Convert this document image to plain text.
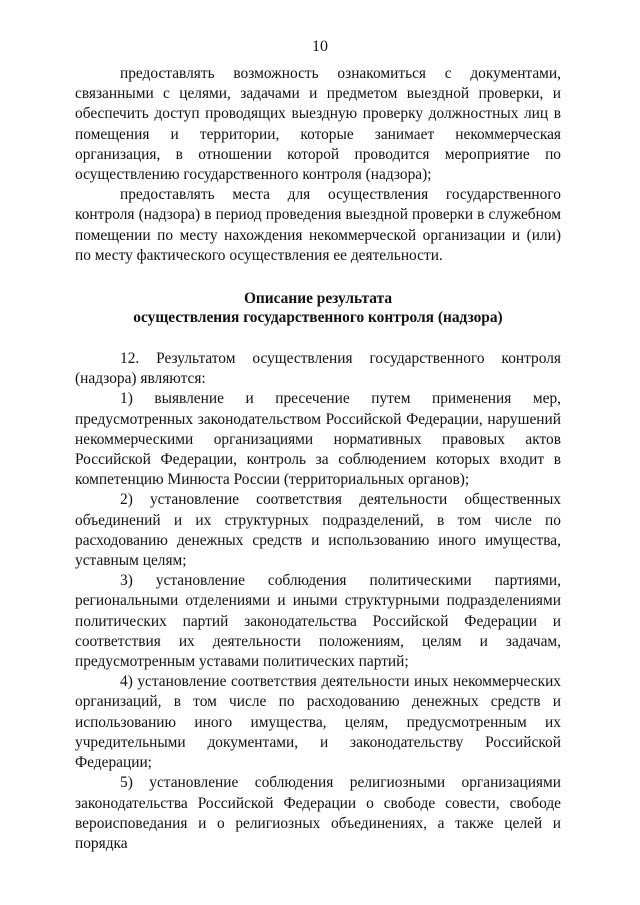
10

предоставлять возможность ознакомиться с документами, связанными с целями, задачами и предметом выездной проверки, и обеспечить доступ проводящих выездную проверку должностных лиц в помещения и территории, которые занимает некоммерческая организация, в отношении которой проводится мероприятие по осуществлению государственного контроля (надзора);

предоставлять места для осуществления государственного контроля (надзора) в период проведения выездной проверки в служебном помещении по месту нахождения некоммерческой организации и (или) по месту фактического осуществления ее деятельности.

Описание результата
осуществления государственного контроля (надзора)

12. Результатом осуществления государственного контроля (надзора) являются:

1) выявление и пресечение путем применения мер, предусмотренных законодательством Российской Федерации, нарушений некоммерческими организациями нормативных правовых актов Российской Федерации, контроль за соблюдением которых входит в компетенцию Минюста России (территориальных органов);

2) установление соответствия деятельности общественных объединений и их структурных подразделений, в том числе по расходованию денежных средств и использованию иного имущества, уставным целям;

3) установление соблюдения политическими партиями, региональными отделениями и иными структурными подразделениями политических партий законодательства Российской Федерации и соответствия их деятельности положениям, целям и задачам, предусмотренным уставами политических партий;

4) установление соответствия деятельности иных некоммерческих организаций, в том числе по расходованию денежных средств и использованию иного имущества, целям, предусмотренным их учредительными документами, и законодательству Российской Федерации;

5) установление соблюдения религиозными организациями законодательства Российской Федерации о свободе совести, свободе вероисповедания и о религиозных объединениях, а также целей и порядка
